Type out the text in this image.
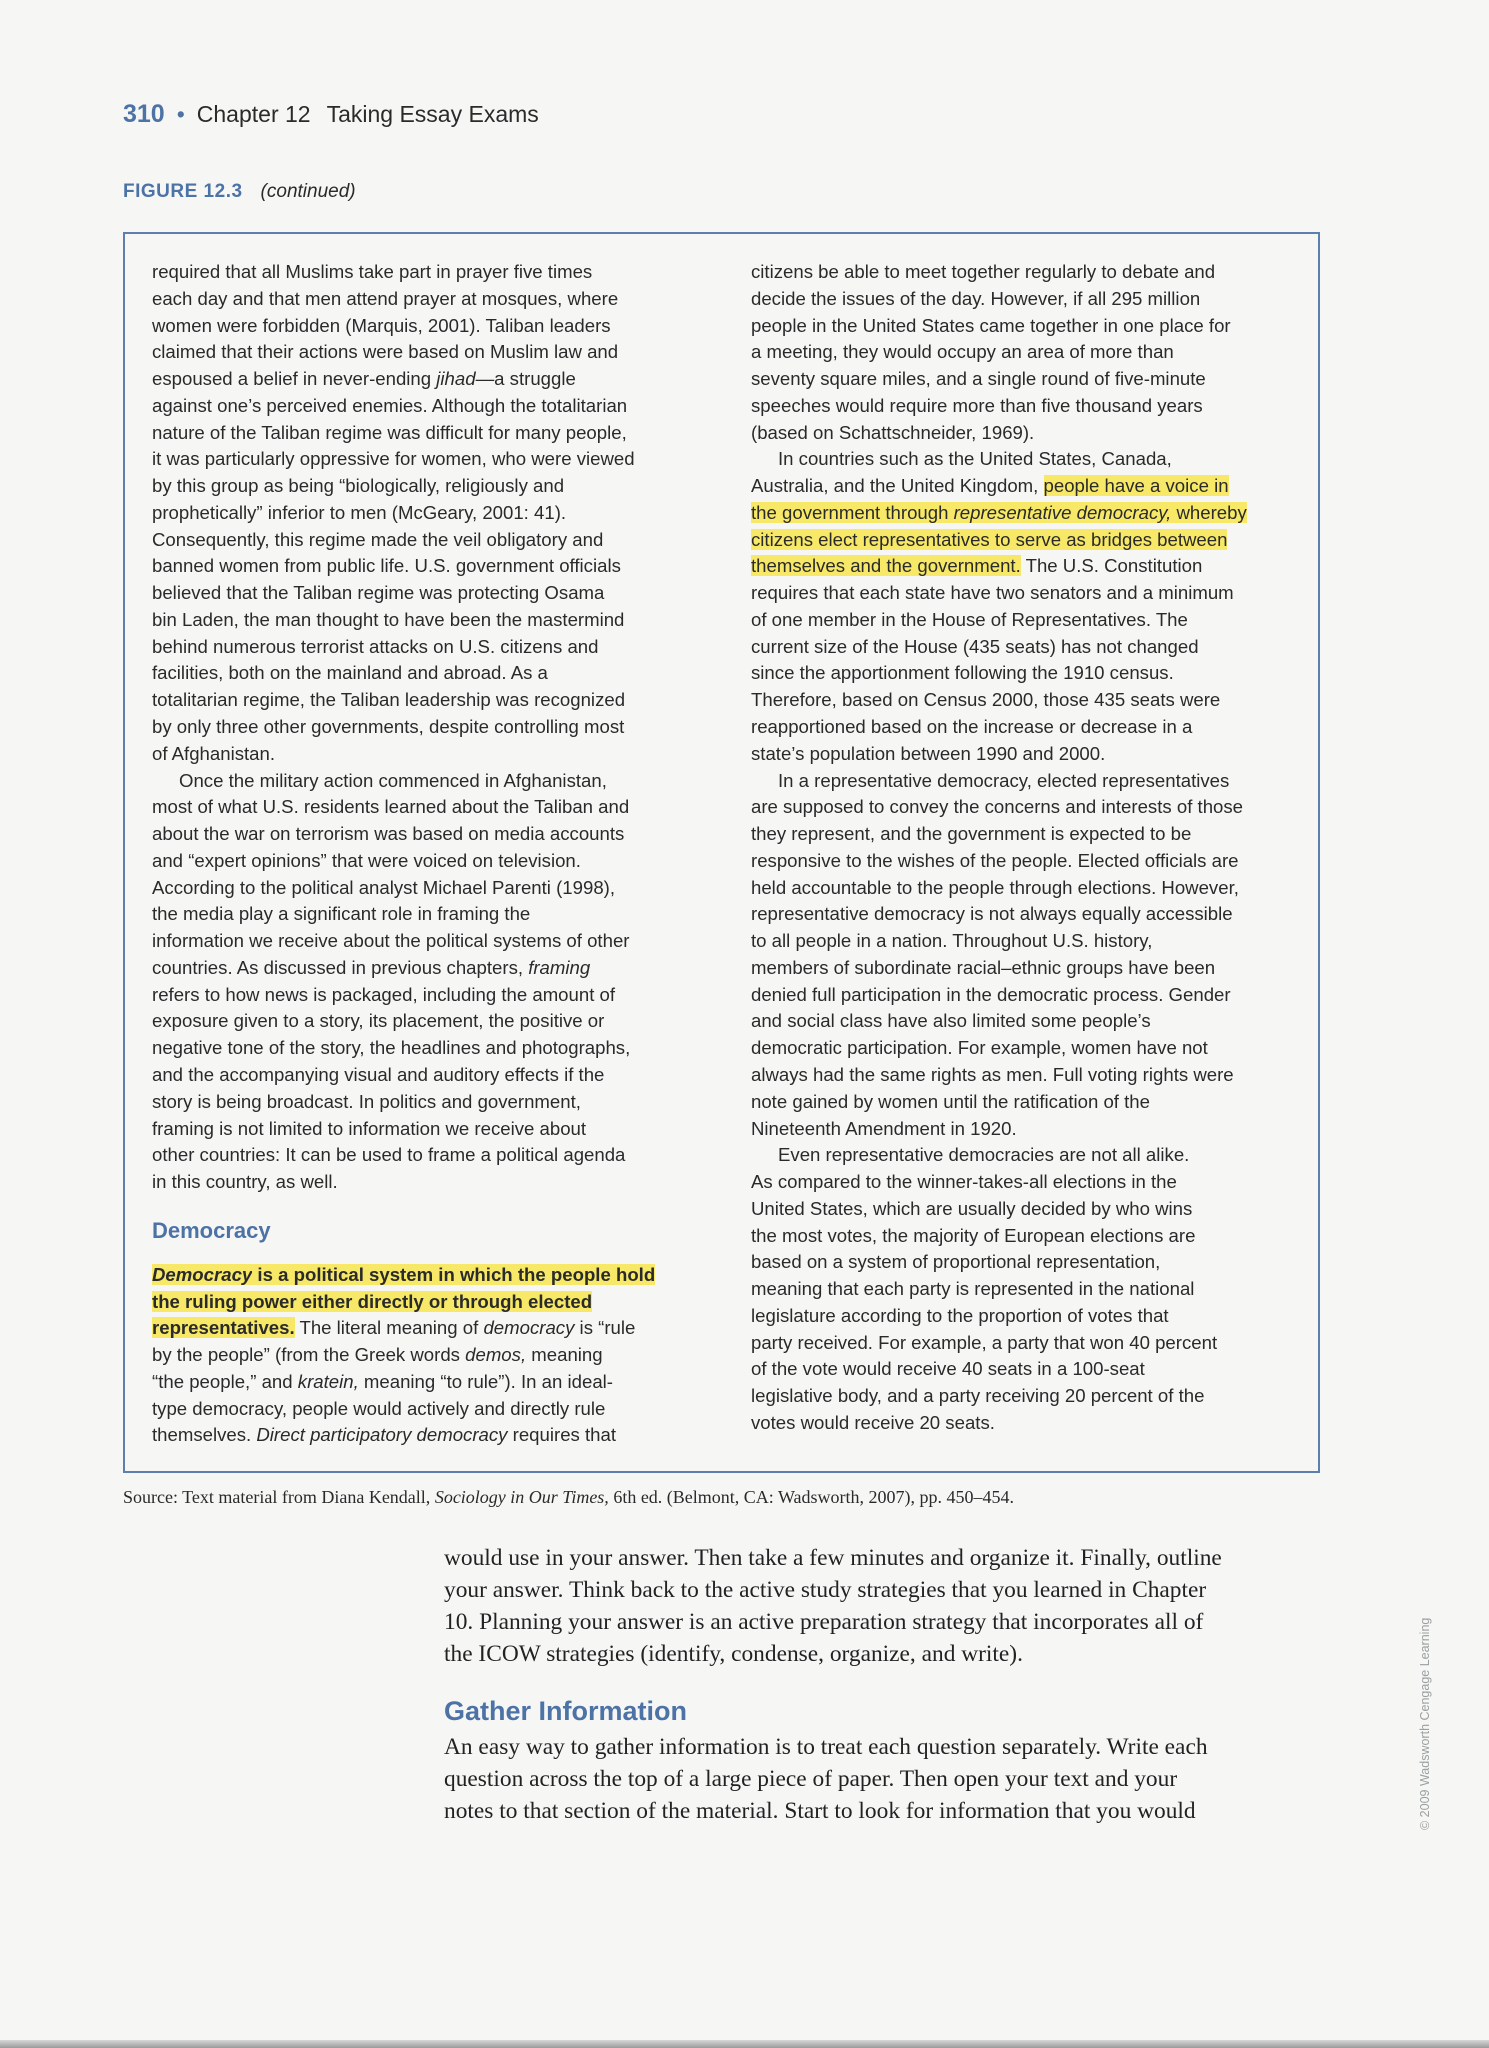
310 • Chapter 12 Taking Essay Exams
FIGURE 12.3 (continued)
required that all Muslims take part in prayer five times
each day and that men attend prayer at mosques, where
women were forbidden (Marquis, 2001). Taliban leaders
claimed that their actions were based on Muslim law and
espoused a belief in never-ending jihad—a struggle
against one’s perceived enemies. Although the totalitarian
nature of the Taliban regime was difficult for many people,
it was particularly oppressive for women, who were viewed
by this group as being “biologically, religiously and
prophetically” inferior to men (McGeary, 2001: 41).
Consequently, this regime made the veil obligatory and
banned women from public life. U.S. government officials
believed that the Taliban regime was protecting Osama
bin Laden, the man thought to have been the mastermind
behind numerous terrorist attacks on U.S. citizens and
facilities, both on the mainland and abroad. As a
totalitarian regime, the Taliban leadership was recognized
by only three other governments, despite controlling most
of Afghanistan.
Once the military action commenced in Afghanistan,
most of what U.S. residents learned about the Taliban and
about the war on terrorism was based on media accounts
and “expert opinions” that were voiced on television.
According to the political analyst Michael Parenti (1998),
the media play a significant role in framing the
information we receive about the political systems of other
countries. As discussed in previous chapters, framing
refers to how news is packaged, including the amount of
exposure given to a story, its placement, the positive or
negative tone of the story, the headlines and photographs,
and the accompanying visual and auditory effects if the
story is being broadcast. In politics and government,
framing is not limited to information we receive about
other countries: It can be used to frame a political agenda
in this country, as well.
Democracy
Democracy is a political system in which the people hold
the ruling power either directly or through elected
representatives. The literal meaning of democracy is “rule
by the people” (from the Greek words demos, meaning
“the people,” and kratein, meaning “to rule”). In an ideal-
type democracy, people would actively and directly rule
themselves. Direct participatory democracy requires that
citizens be able to meet together regularly to debate and
decide the issues of the day. However, if all 295 million
people in the United States came together in one place for
a meeting, they would occupy an area of more than
seventy square miles, and a single round of five-minute
speeches would require more than five thousand years
(based on Schattschneider, 1969).
In countries such as the United States, Canada,
Australia, and the United Kingdom, people have a voice in
the government through representative democracy, whereby
citizens elect representatives to serve as bridges between
themselves and the government. The U.S. Constitution
requires that each state have two senators and a minimum
of one member in the House of Representatives. The
current size of the House (435 seats) has not changed
since the apportionment following the 1910 census.
Therefore, based on Census 2000, those 435 seats were
reapportioned based on the increase or decrease in a
state’s population between 1990 and 2000.
In a representative democracy, elected representatives
are supposed to convey the concerns and interests of those
they represent, and the government is expected to be
responsive to the wishes of the people. Elected officials are
held accountable to the people through elections. However,
representative democracy is not always equally accessible
to all people in a nation. Throughout U.S. history,
members of subordinate racial–ethnic groups have been
denied full participation in the democratic process. Gender
and social class have also limited some people’s
democratic participation. For example, women have not
always had the same rights as men. Full voting rights were
note gained by women until the ratification of the
Nineteenth Amendment in 1920.
Even representative democracies are not all alike.
As compared to the winner-takes-all elections in the
United States, which are usually decided by who wins
the most votes, the majority of European elections are
based on a system of proportional representation,
meaning that each party is represented in the national
legislature according to the proportion of votes that
party received. For example, a party that won 40 percent
of the vote would receive 40 seats in a 100-seat
legislative body, and a party receiving 20 percent of the
votes would receive 20 seats.
Source: Text material from Diana Kendall, Sociology in Our Times, 6th ed. (Belmont, CA: Wadsworth, 2007), pp. 450–454.
would use in your answer. Then take a few minutes and organize it. Finally, outline
your answer. Think back to the active study strategies that you learned in Chapter
10. Planning your answer is an active preparation strategy that incorporates all of
the ICOW strategies (identify, condense, organize, and write).
Gather Information
An easy way to gather information is to treat each question separately. Write each
question across the top of a large piece of paper. Then open your text and your
notes to that section of the material. Start to look for information that you would	© 2009 Wadsworth Cengage Learning
